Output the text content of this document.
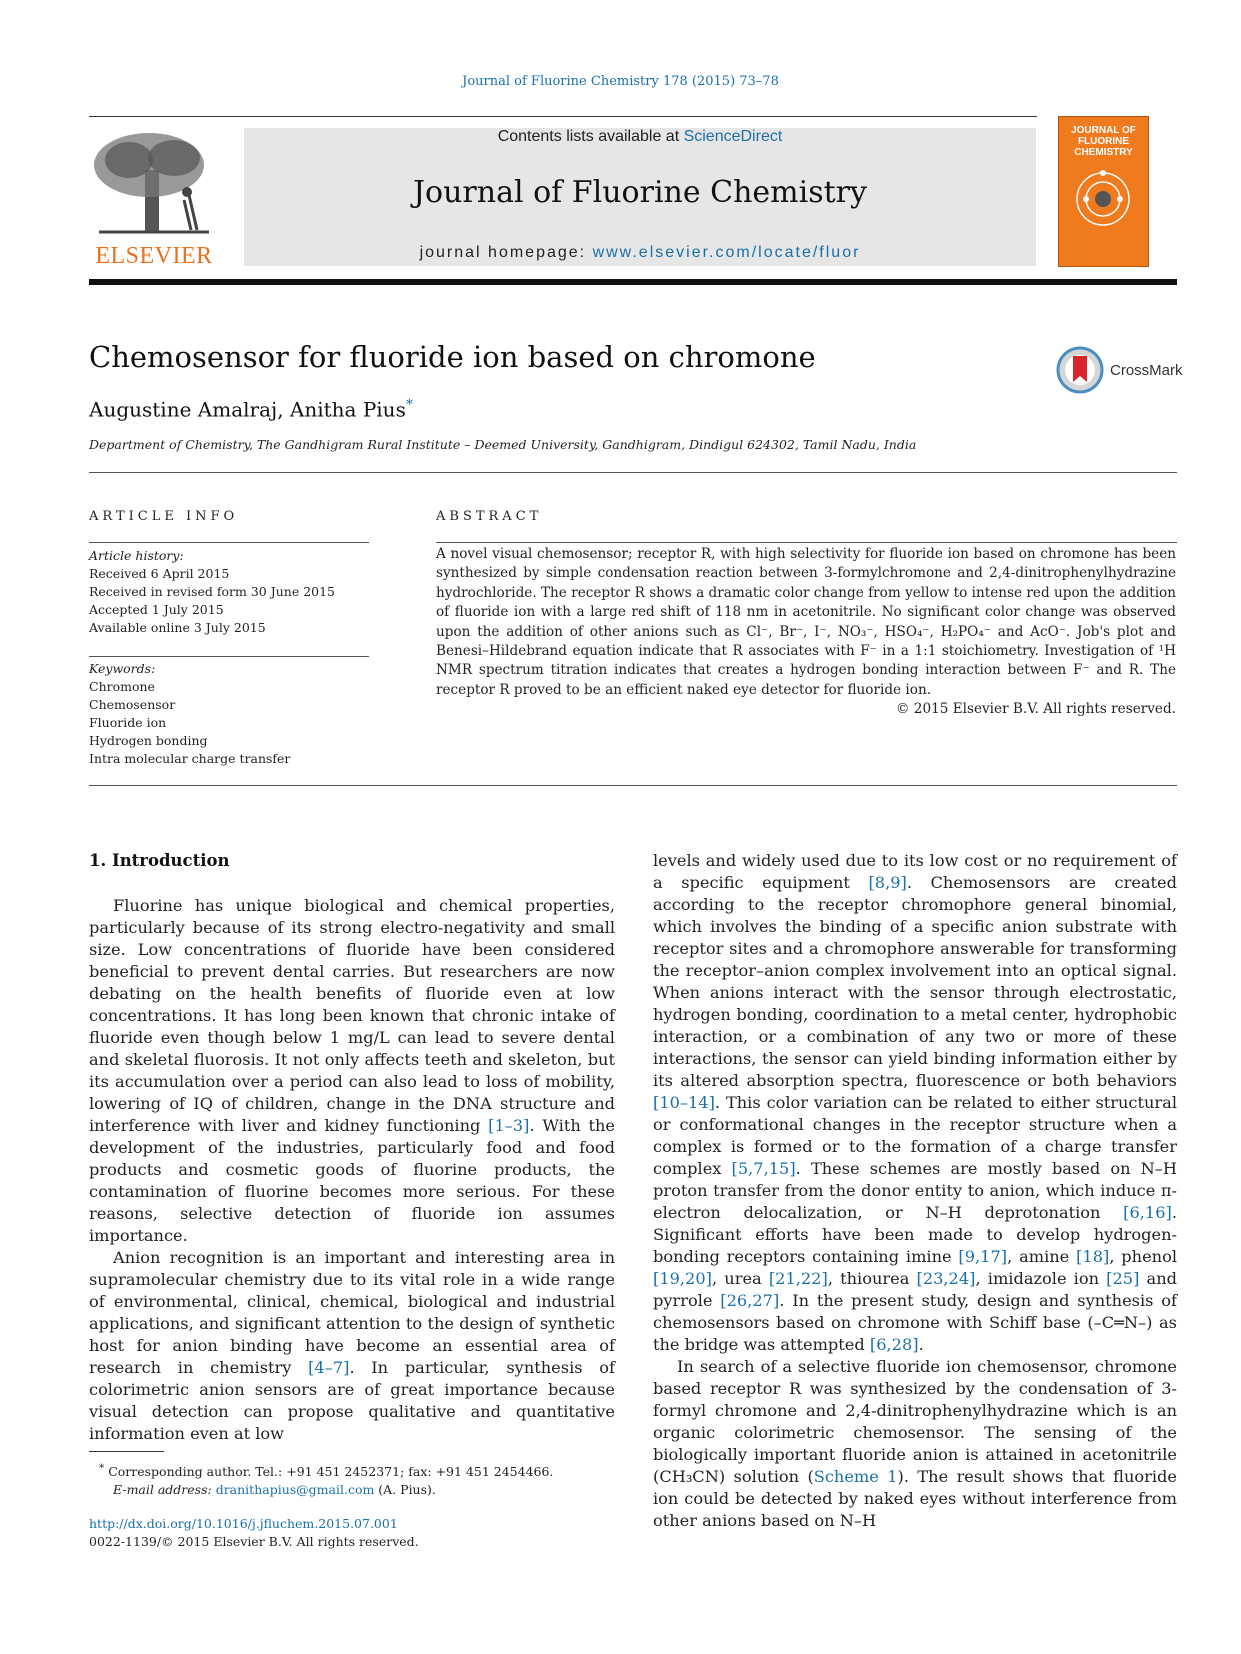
Journal of Fluorine Chemistry 178 (2015) 73–78
ELSEVIER
Contents lists available at ScienceDirect
Journal of Fluorine Chemistry
journal homepage: www.elsevier.com/locate/fluor
JOURNAL OF FLUORINE CHEMISTRY
Chemosensor for fluoride ion based on chromone
Augustine Amalraj, Anitha Pius*
Department of Chemistry, The Gandhigram Rural Institute – Deemed University, Gandhigram, Dindigul 624302, Tamil Nadu, India
CrossMark
ARTICLE INFO
Article history:
Received 6 April 2015
Received in revised form 30 June 2015
Accepted 1 July 2015
Available online 3 July 2015
Keywords:
Chromone
Chemosensor
Fluoride ion
Hydrogen bonding
Intra molecular charge transfer
ABSTRACT
A novel visual chemosensor; receptor R, with high selectivity for fluoride ion based on chromone has been synthesized by simple condensation reaction between 3-formylchromone and 2,4-dinitrophenylhydrazine hydrochloride. The receptor R shows a dramatic color change from yellow to intense red upon the addition of fluoride ion with a large red shift of 118 nm in acetonitrile. No significant color change was observed upon the addition of other anions such as Cl⁻, Br⁻, I⁻, NO₃⁻, HSO₄⁻, H₂PO₄⁻ and AcO⁻. Job's plot and Benesi–Hildebrand equation indicate that R associates with F⁻ in a 1:1 stoichiometry. Investigation of ¹H NMR spectrum titration indicates that creates a hydrogen bonding interaction between F⁻ and R. The receptor R proved to be an efficient naked eye detector for fluoride ion.
© 2015 Elsevier B.V. All rights reserved.
1. Introduction

Fluorine has unique biological and chemical properties, particularly because of its strong electro-negativity and small size. Low concentrations of fluoride have been considered beneficial to prevent dental carries. But researchers are now debating on the health benefits of fluoride even at low concentrations. It has long been known that chronic intake of fluoride even though below 1 mg/L can lead to severe dental and skeletal fluorosis. It not only affects teeth and skeleton, but its accumulation over a period can also lead to loss of mobility, lowering of IQ of children, change in the DNA structure and interference with liver and kidney functioning [1–3]. With the development of the industries, particularly food and food products and cosmetic goods of fluorine products, the contamination of fluorine becomes more serious. For these reasons, selective detection of fluoride ion assumes importance.

Anion recognition is an important and interesting area in supramolecular chemistry due to its vital role in a wide range of environmental, clinical, chemical, biological and industrial applications, and significant attention to the design of synthetic host for anion binding have become an essential area of research in chemistry [4–7]. In particular, synthesis of colorimetric anion sensors are of great importance because visual detection can propose qualitative and quantitative information even at low

levels and widely used due to its low cost or no requirement of a specific equipment [8,9]. Chemosensors are created according to the receptor chromophore general binomial, which involves the binding of a specific anion substrate with receptor sites and a chromophore answerable for transforming the receptor–anion complex involvement into an optical signal. When anions interact with the sensor through electrostatic, hydrogen bonding, coordination to a metal center, hydrophobic interaction, or a combination of any two or more of these interactions, the sensor can yield binding information either by its altered absorption spectra, fluorescence or both behaviors [10–14]. This color variation can be related to either structural or conformational changes in the receptor structure when a complex is formed or to the formation of a charge transfer complex [5,7,15]. These schemes are mostly based on N–H proton transfer from the donor entity to anion, which induce π-electron delocalization, or N–H deprotonation [6,16]. Significant efforts have been made to develop hydrogen-bonding receptors containing imine [9,17], amine [18], phenol [19,20], urea [21,22], thiourea [23,24], imidazole ion [25] and pyrrole [26,27]. In the present study, design and synthesis of chemosensors based on chromone with Schiff base (–C═N–) as the bridge was attempted [6,28].

In search of a selective fluoride ion chemosensor, chromone based receptor R was synthesized by the condensation of 3-formyl chromone and 2,4-dinitrophenylhydrazine which is an organic colorimetric chemosensor. The sensing of the biologically important fluoride anion is attained in acetonitrile (CH₃CN) solution (Scheme 1). The result shows that fluoride ion could be detected by naked eyes without interference from other anions based on N–H

* Corresponding author. Tel.: +91 451 2452371; fax: +91 451 2454466.
E-mail address: dranithapius@gmail.com (A. Pius).
http://dx.doi.org/10.1016/j.jfluchem.2015.07.001
0022-1139/© 2015 Elsevier B.V. All rights reserved.
